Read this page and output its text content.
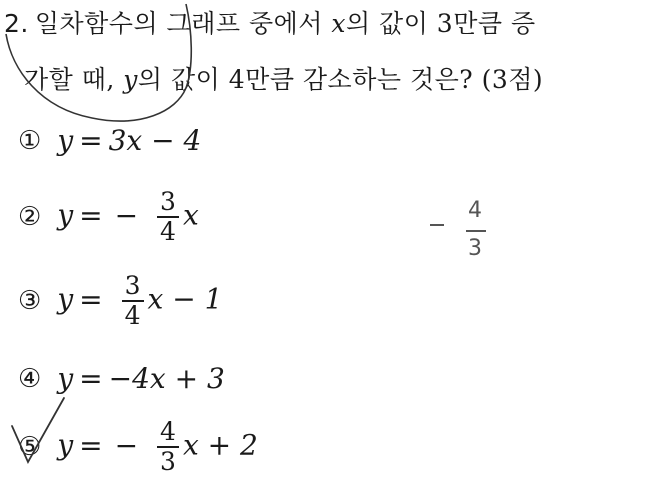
2. 일차함수의 그래프 중에서 𝑥의 값이 3만큼 증
가할 때, 𝑦의 값이 4만큼 감소하는 것은? (3점)
① y = 3x − 4
② y = − $\frac{3}{4}$ x
③ $y = \frac{3}{4}$ x − 1
④ y = −4x + 3
⑤ y = − $\frac{4}{3}$ x + 2
4
3
